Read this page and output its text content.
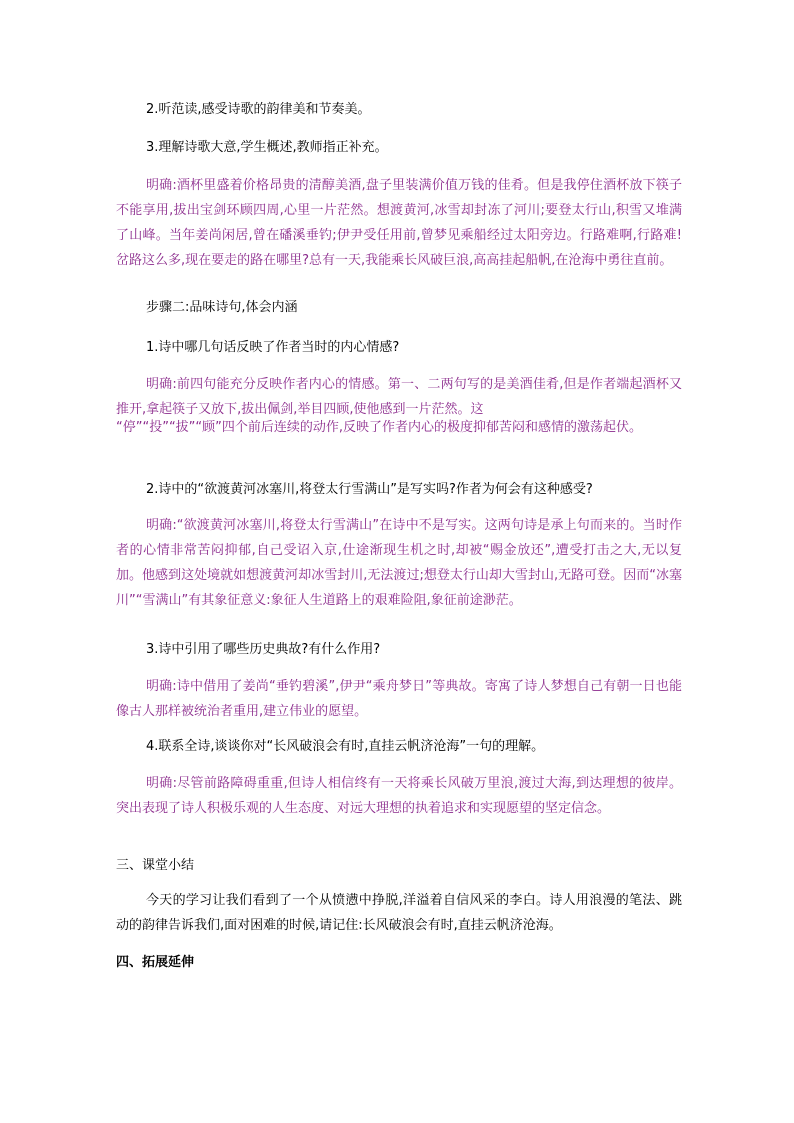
2.听范读,感受诗歌的韵律美和节奏美。

3.理解诗歌大意,学生概述,教师指正补充。

明确:酒杯里盛着价格昂贵的清醇美酒,盘子里装满价值万钱的佳肴。但是我停住酒杯放下筷子不能享用,拔出宝剑环顾四周,心里一片茫然。想渡黄河,冰雪却封冻了河川;要登太行山,积雪又堆满了山峰。当年姜尚闲居,曾在磻溪垂钓;伊尹受任用前,曾梦见乘船经过太阳旁边。行路难啊,行路难!岔路这么多,现在要走的路在哪里?总有一天,我能乘长风破巨浪,高高挂起船帆,在沧海中勇往直前。

步骤二:品味诗句,体会内涵

1.诗中哪几句话反映了作者当时的内心情感?

明确:前四句能充分反映作者内心的情感。第一、二两句写的是美酒佳肴,但是作者端起酒杯又推开,拿起筷子又放下,拔出佩剑,举目四顾,使他感到一片茫然。这

“停”“投”“拔”“顾”四个前后连续的动作,反映了作者内心的极度抑郁苦闷和感情的激荡起伏。

2.诗中的“欲渡黄河冰塞川,将登太行雪满山”是写实吗?作者为何会有这种感受?

明确:“欲渡黄河冰塞川,将登太行雪满山”在诗中不是写实。这两句诗是承上句而来的。当时作者的心情非常苦闷抑郁,自己受诏入京,仕途渐现生机之时,却被“赐金放还”,遭受打击之大,无以复加。他感到这处境就如想渡黄河却冰雪封川,无法渡过;想登太行山却大雪封山,无路可登。因而“冰塞川”“雪满山”有其象征意义:象征人生道路上的艰难险阻,象征前途渺茫。

3.诗中引用了哪些历史典故?有什么作用?

明确:诗中借用了姜尚“垂钓碧溪”,伊尹“乘舟梦日”等典故。寄寓了诗人梦想自己有朝一日也能像古人那样被统治者重用,建立伟业的愿望。

4.联系全诗,谈谈你对“长风破浪会有时,直挂云帆济沧海”一句的理解。

明确:尽管前路障碍重重,但诗人相信终有一天将乘长风破万里浪,渡过大海,到达理想的彼岸。突出表现了诗人积极乐观的人生态度、对远大理想的执着追求和实现愿望的坚定信念。

三、课堂小结

今天的学习让我们看到了一个从愤懑中挣脱,洋溢着自信风采的李白。诗人用浪漫的笔法、跳动的韵律告诉我们,面对困难的时候,请记住:长风破浪会有时,直挂云帆济沧海。

四、拓展延伸
